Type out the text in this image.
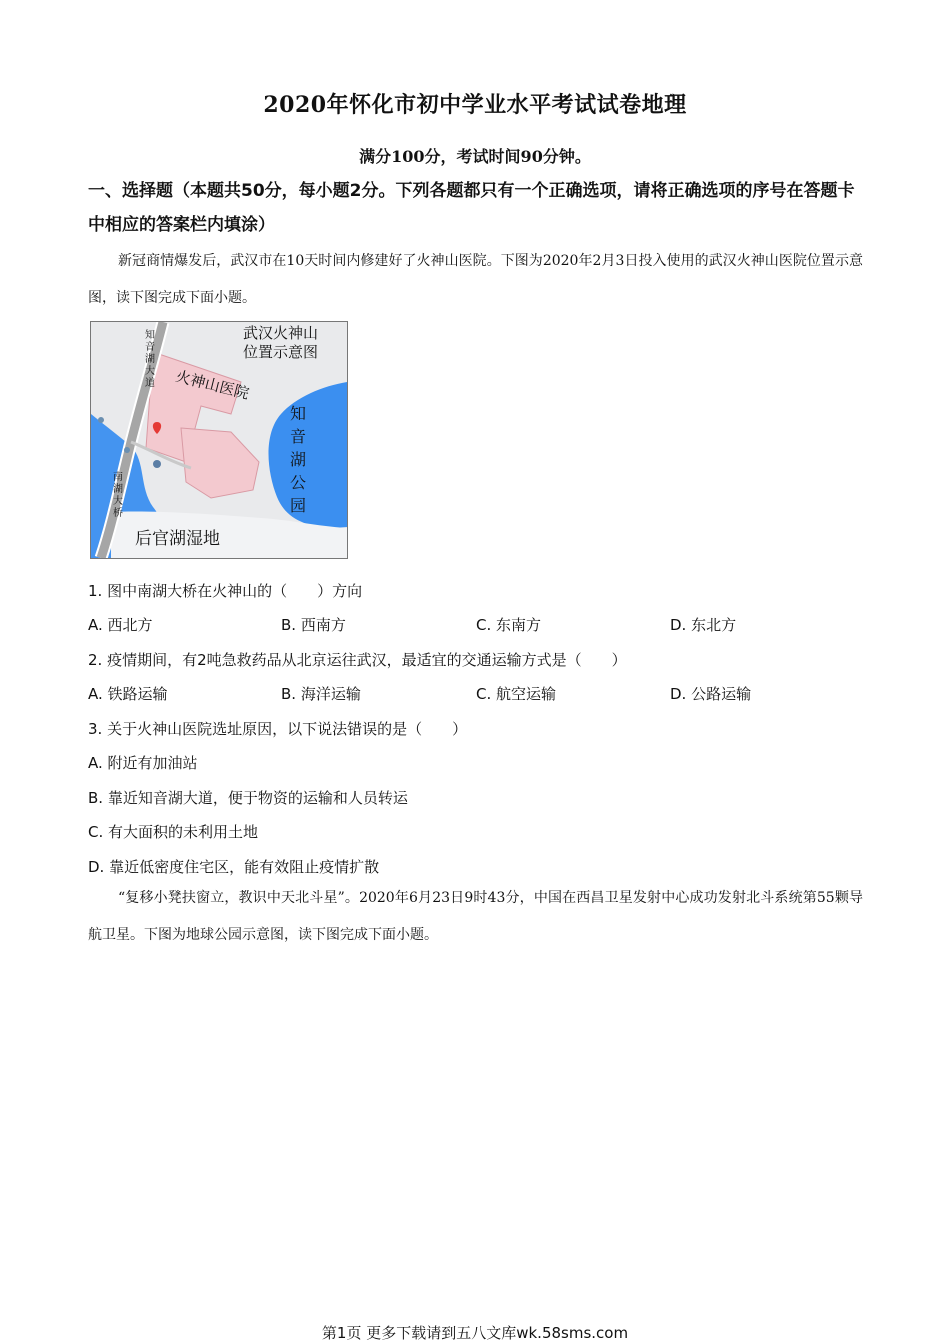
2020年怀化市初中学业水平考试试卷地理
满分100分，考试时间90分钟。
一、选择题（本题共50分，每小题2分。下列各题都只有一个正确选项，请将正确选项的序号在答题卡中相应的答案栏内填涂）
新冠商情爆发后，武汉市在10天时间内修建好了火神山医院。下图为2020年2月3日投入使用的武汉火神山医院位置示意图，读下图完成下面小题。
武汉火神山
位置示意图
火神山医院
知
音
湖
公
园
知音湖大道
南湖大桥
后官湖湿地
1. 图中南湖大桥在火神山的（　　）方向
A. 西北方	B. 西南方	C. 东南方	D. 东北方
2. 疫情期间，有2吨急救药品从北京运往武汉，最适宜的交通运输方式是（　　）
A. 铁路运输	B. 海洋运输	C. 航空运输	D. 公路运输
3. 关于火神山医院选址原因，以下说法错误的是（　　）
A. 附近有加油站
B. 靠近知音湖大道，便于物资的运输和人员转运
C. 有大面积的未利用土地
D. 靠近低密度住宅区，能有效阻止疫情扩散
“复移小凳扶窗立，教识中天北斗星”。2020年6月23日9时43分，中国在西昌卫星发射中心成功发射北斗系统第55颗导航卫星。下图为地球公园示意图，读下图完成下面小题。
第1页 更多下载请到五八文库wk.58sms.com
